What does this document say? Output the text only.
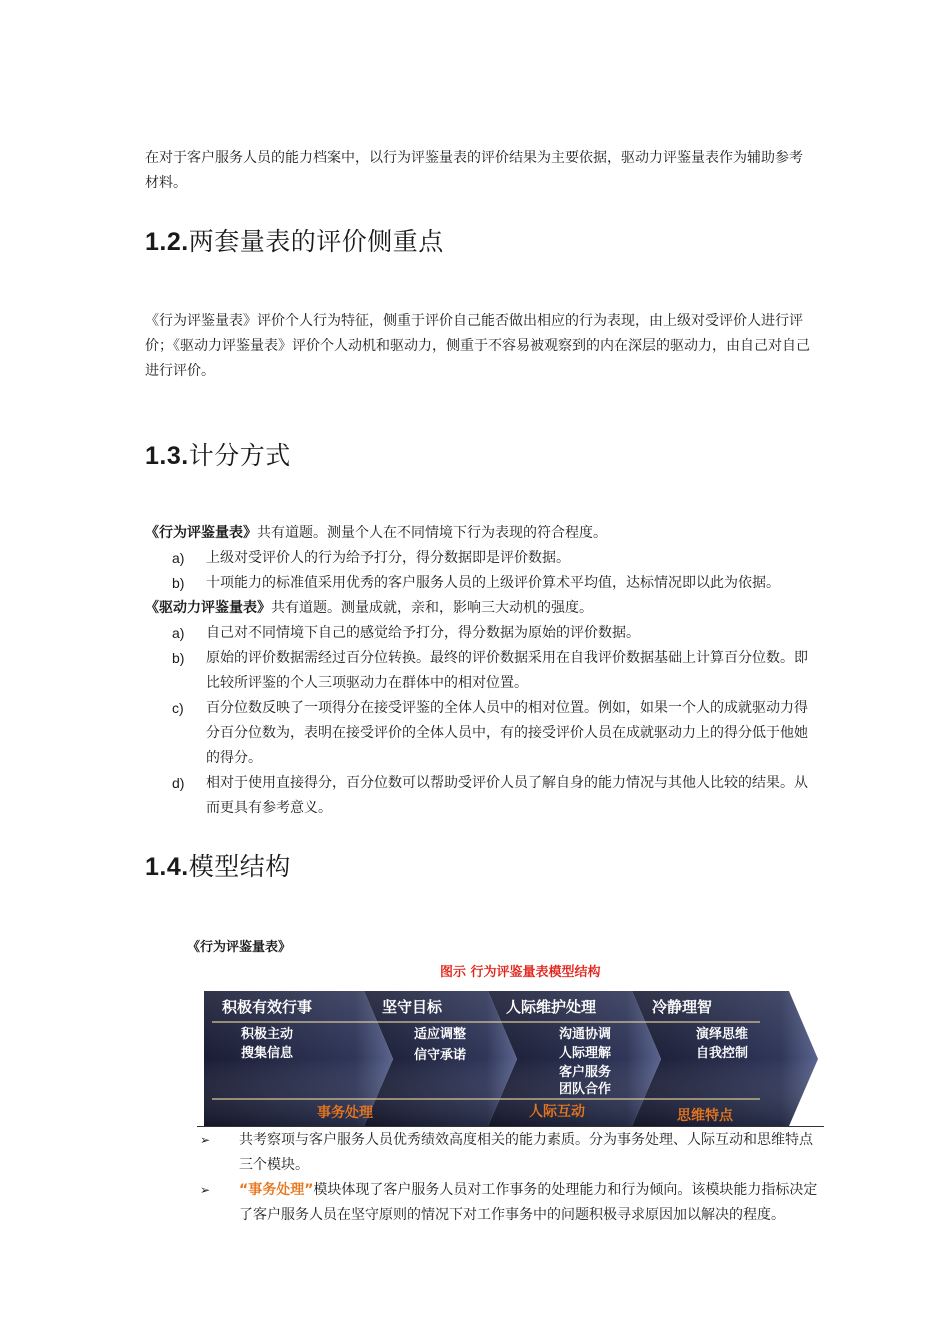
在对于客户服务人员的能力档案中，以行为评鉴量表的评价结果为主要依据，驱动力评鉴量表作为辅助参考材料。
1.2.两套量表的评价侧重点
《行为评鉴量表》评价个人行为特征，侧重于评价自己能否做出相应的行为表现，由上级对受评价人进行评价；《驱动力评鉴量表》评价个人动机和驱动力，侧重于不容易被观察到的内在深层的驱动力，由自己对自己进行评价。
1.3.计分方式
《行为评鉴量表》共有道题。测量个人在不同情境下行为表现的符合程度。
a)	上级对受评价人的行为给予打分，得分数据即是评价数据。
b)	十项能力的标准值采用优秀的客户服务人员的上级评价算术平均值，达标情况即以此为依据。
《驱动力评鉴量表》共有道题。测量成就，亲和，影响三大动机的强度。
a)	自己对不同情境下自己的感觉给予打分，得分数据为原始的评价数据。
b)	原始的评价数据需经过百分位转换。最终的评价数据采用在自我评价数据基础上计算百分位数。即比较所评鉴的个人三项驱动力在群体中的相对位置。
c)	百分位数反映了一项得分在接受评鉴的全体人员中的相对位置。例如，如果一个人的成就驱动力得分百分位数为，表明在接受评价的全体人员中，有的接受评价人员在成就驱动力上的得分低于他她的得分。
d)	相对于使用直接得分，百分位数可以帮助受评价人员了解自身的能力情况与其他人比较的结果。从而更具有参考意义。
1.4.模型结构
《行为评鉴量表》
图示 行为评鉴量表模型结构
积极有效行事	坚守目标	人际维护处理	冷静理智
积极主动
搜集信息
适应调整
信守承诺
沟通协调
人际理解
客户服务
团队合作
演绎思维
自我控制
事务处理	人际互动	思维特点
➢ 共考察项与客户服务人员优秀绩效高度相关的能力素质。分为事务处理、人际互动和思维特点三个模块。
➢ “事务处理”模块体现了客户服务人员对工作事务的处理能力和行为倾向。该模块能力指标决定了客户服务人员在坚守原则的情况下对工作事务中的问题积极寻求原因加以解决的程度。
